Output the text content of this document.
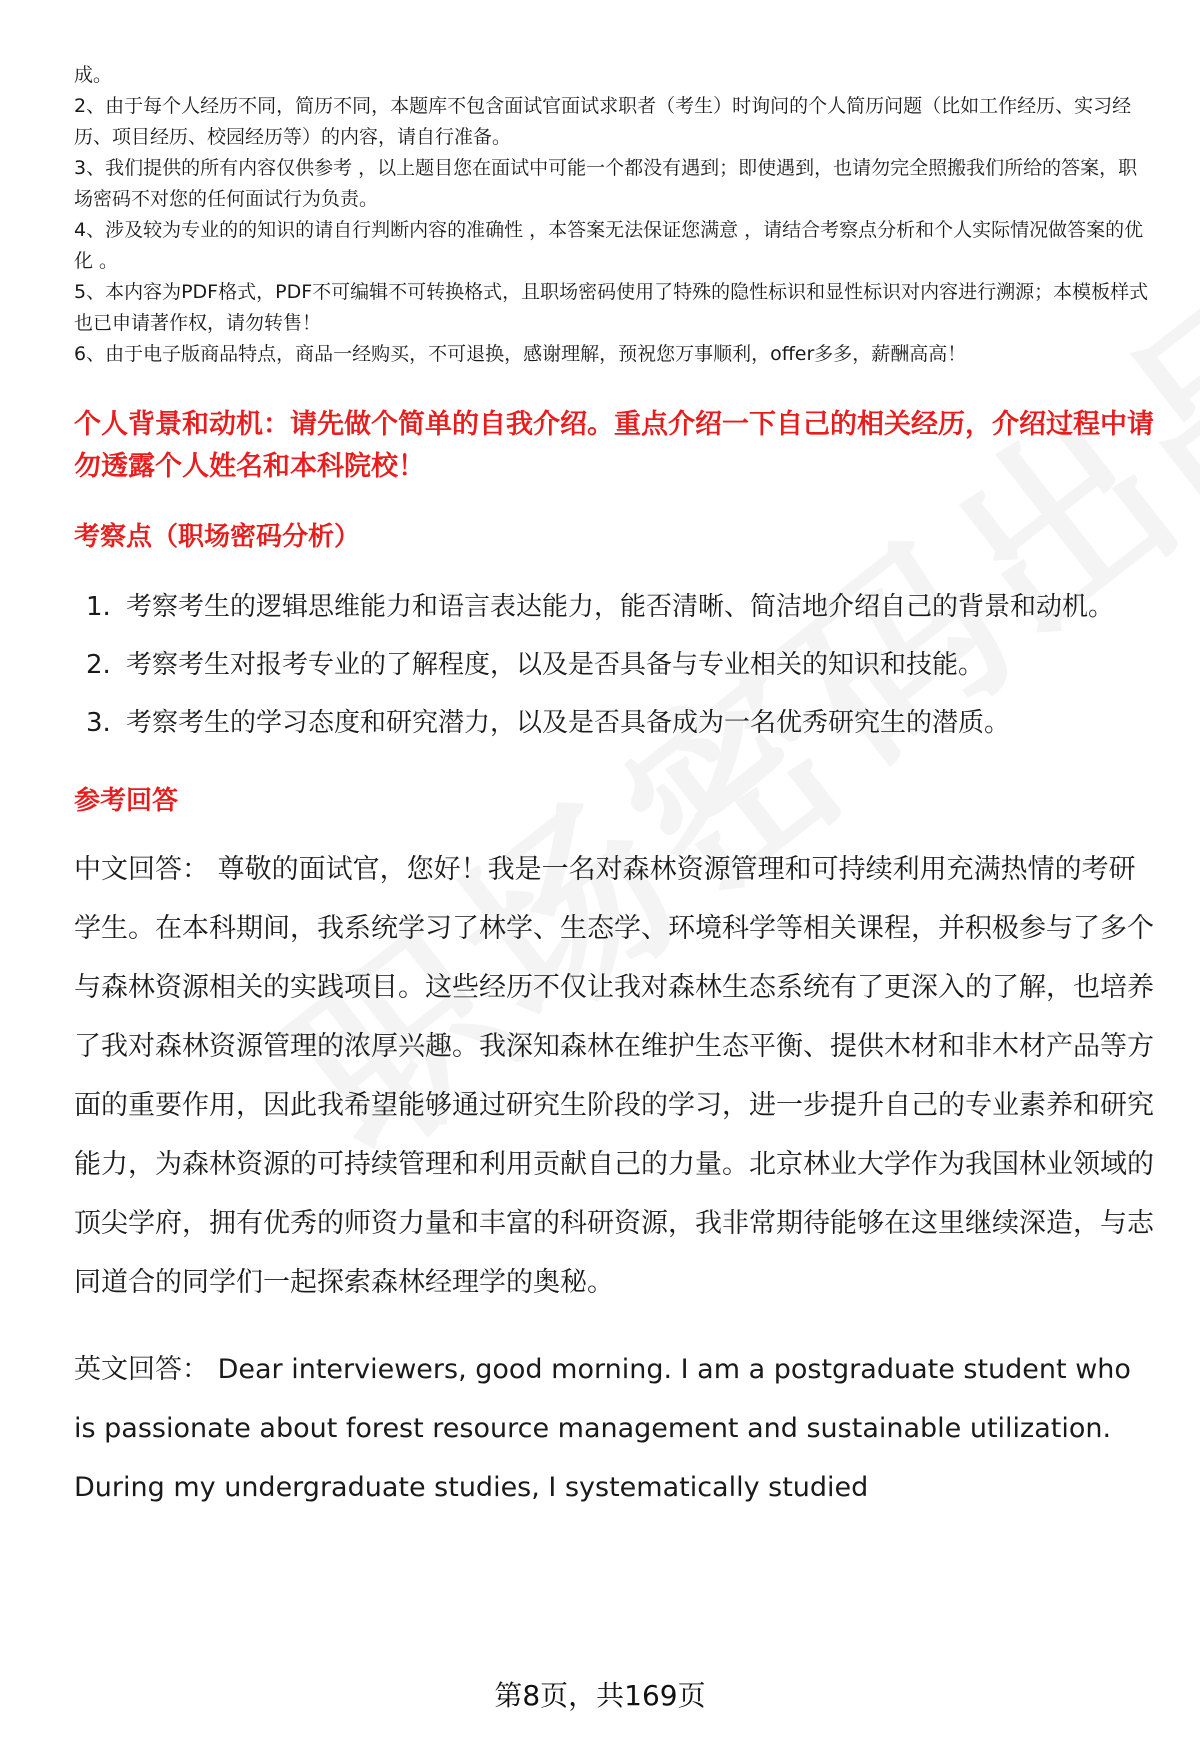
成。

2、由于每个人经历不同，简历不同，本题库不包含面试官面试求职者（考生）时询问的个人简历问题（比如工作经历、实习经历、项目经历、校园经历等）的内容，请自行准备。

3、我们提供的所有内容仅供参考 ，以上题目您在面试中可能一个都没有遇到；即使遇到，也请勿完全照搬我们所给的答案，职场密码不对您的任何面试行为负责。

4、涉及较为专业的的知识的请自行判断内容的准确性 ，本答案无法保证您满意 ，请结合考察点分析和个人实际情况做答案的优化 。

5、本内容为PDF格式，PDF不可编辑不可转换格式，且职场密码使用了特殊的隐性标识和显性标识对内容进行溯源；本模板样式也已申请著作权，请勿转售！

6、由于电子版商品特点，商品一经购买，不可退换，感谢理解，预祝您万事顺利，offer多多，薪酬高高！

个人背景和动机：请先做个简单的自我介绍。重点介绍一下自己的相关经历，介绍过程中请勿透露个人姓名和本科院校！
考察点（职场密码分析）
1. 考察考生的逻辑思维能力和语言表达能力，能否清晰、简洁地介绍自己的背景和动机。
2. 考察考生对报考专业的了解程度，以及是否具备与专业相关的知识和技能。
3. 考察考生的学习态度和研究潜力，以及是否具备成为一名优秀研究生的潜质。
参考回答
中文回答： 尊敬的面试官，您好！我是一名对森林资源管理和可持续利用充满热情的考研学生。在本科期间，我系统学习了林学、生态学、环境科学等相关课程，并积极参与了多个与森林资源相关的实践项目。这些经历不仅让我对森林生态系统有了更深入的了解，也培养了我对森林资源管理的浓厚兴趣。我深知森林在维护生态平衡、提供木材和非木材产品等方面的重要作用，因此我希望能够通过研究生阶段的学习，进一步提升自己的专业素养和研究能力，为森林资源的可持续管理和利用贡献自己的力量。北京林业大学作为我国林业领域的顶尖学府，拥有优秀的师资力量和丰富的科研资源，我非常期待能够在这里继续深造，与志同道合的同学们一起探索森林经理学的奥秘。
英文回答： Dear interviewers, good morning. I am a postgraduate student who is passionate about forest resource management and sustainable utilization. During my undergraduate studies, I systematically studied
第8页，共169页
